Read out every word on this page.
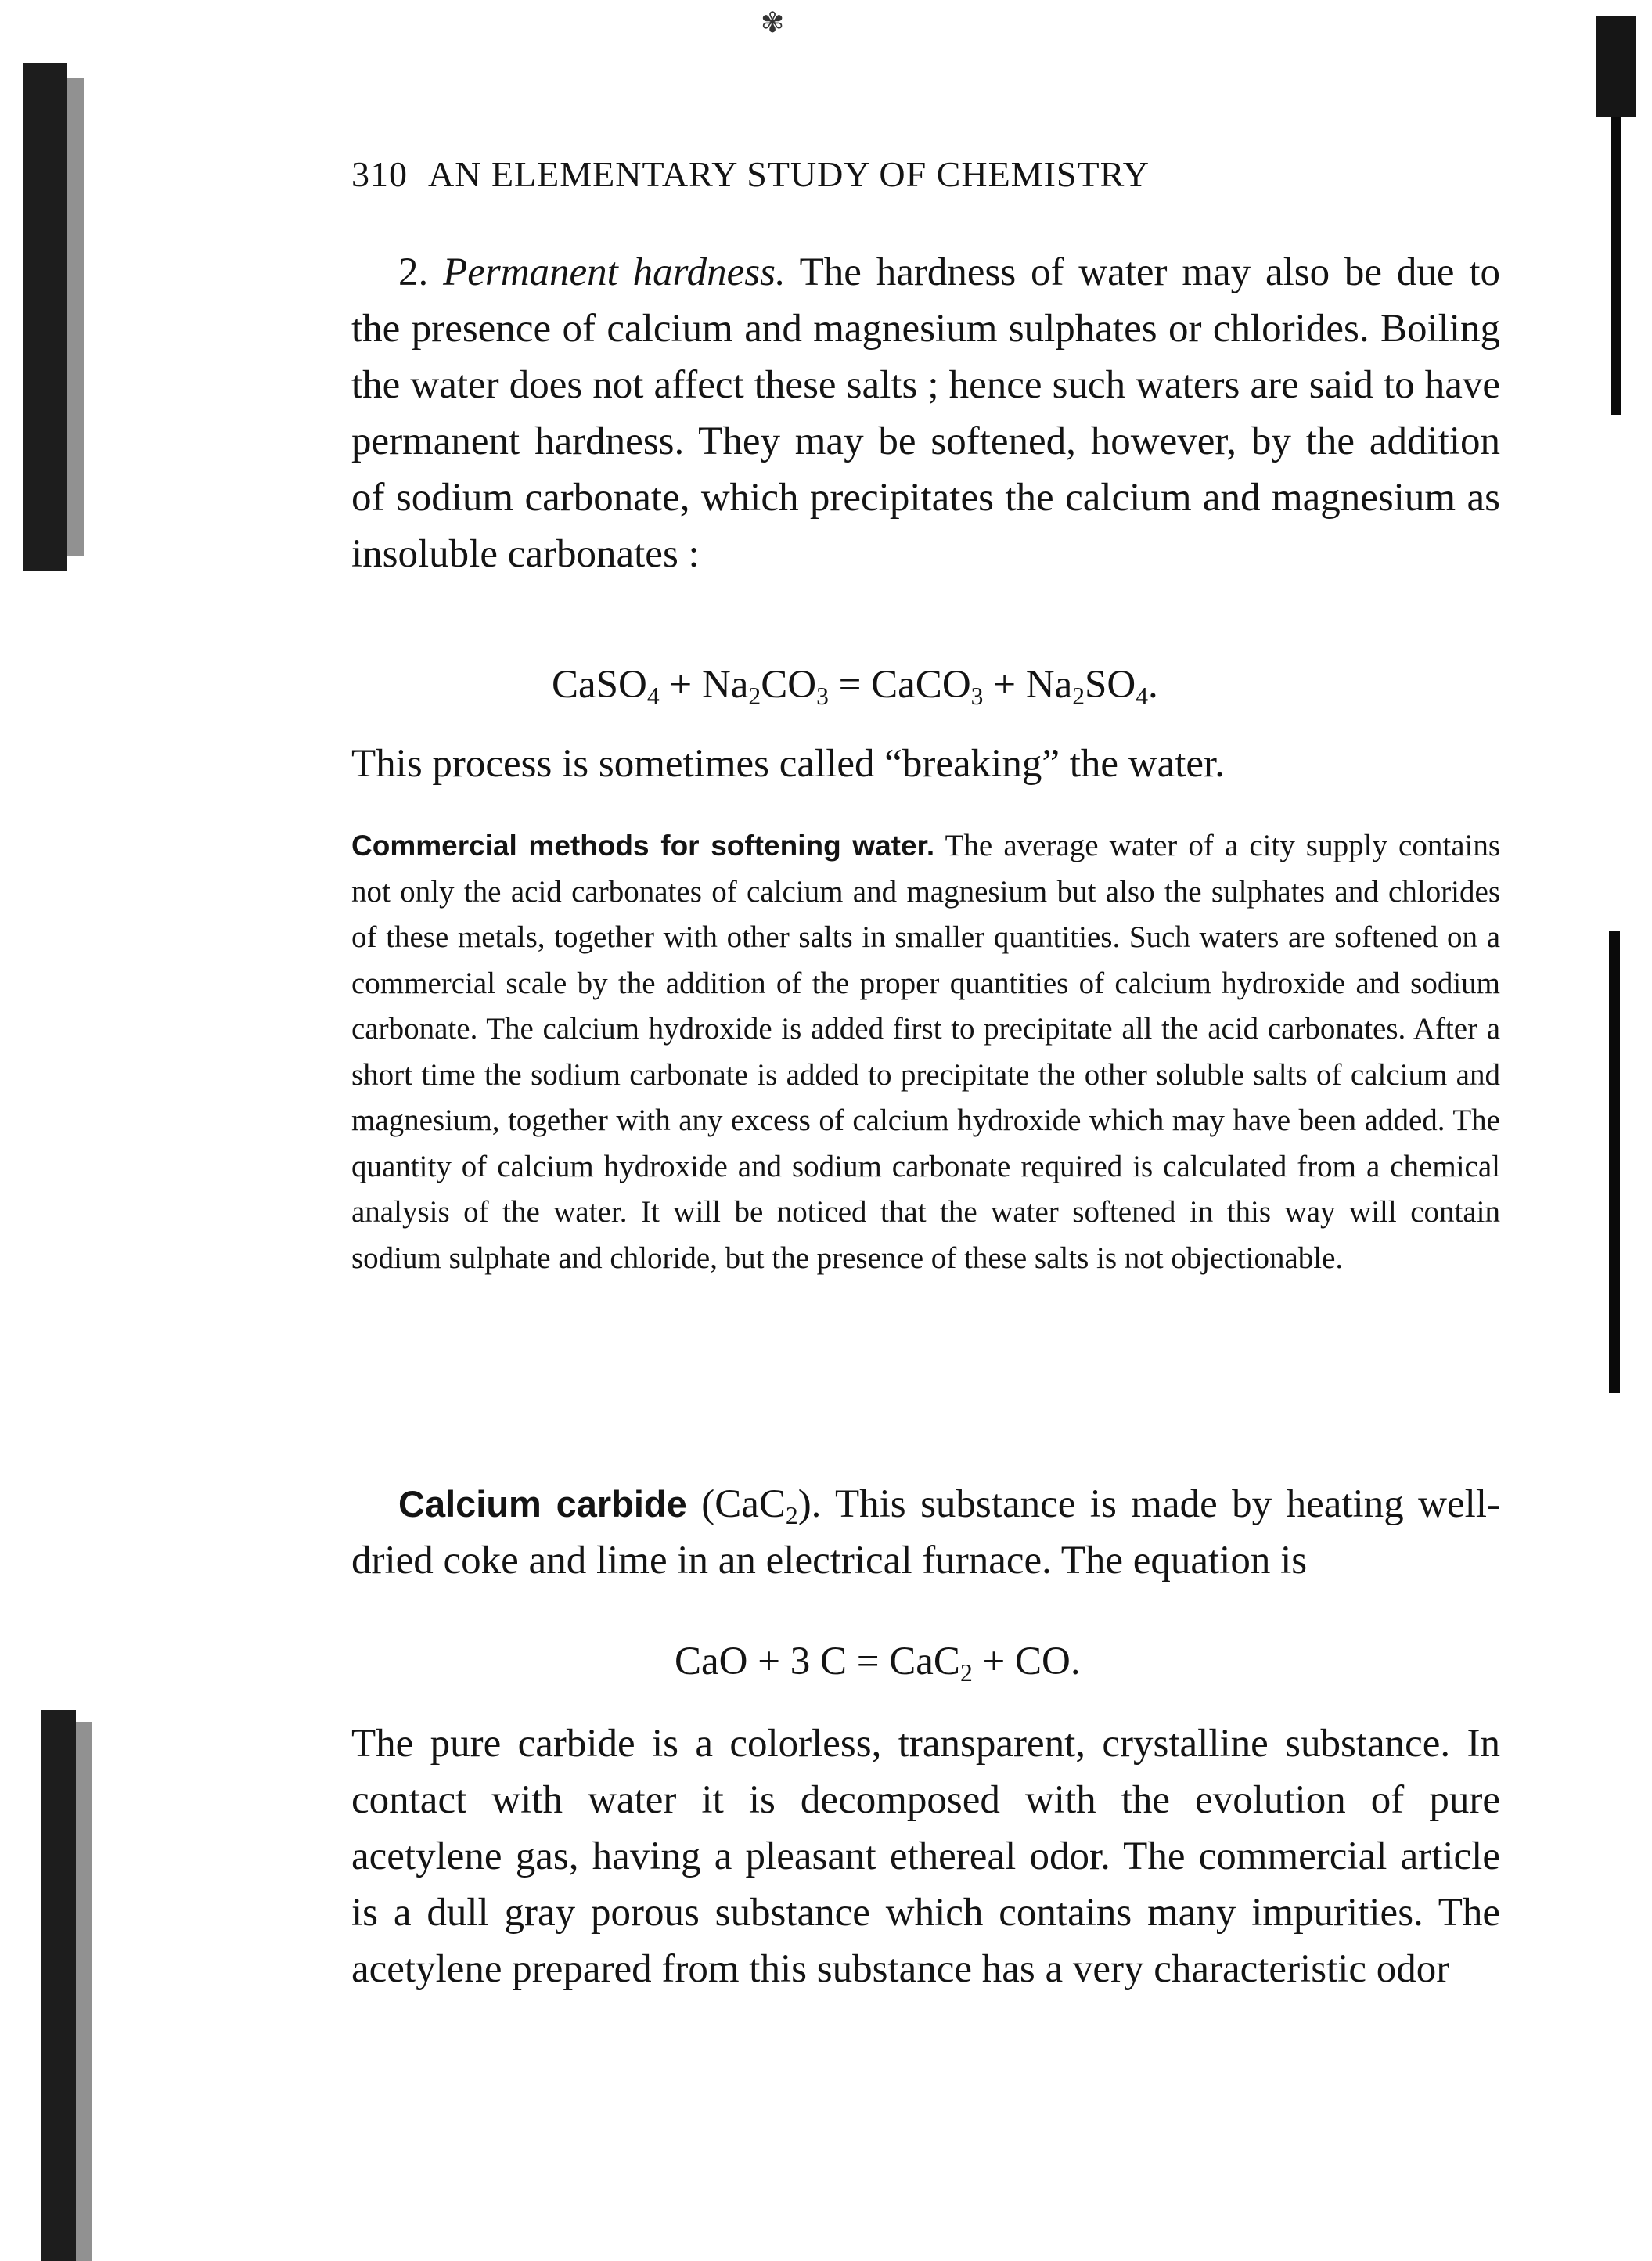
✾
310 AN ELEMENTARY STUDY OF CHEMISTRY
2. Permanent hardness. The hardness of water may also be due to the presence of calcium and magnesium sulphates or chlorides. Boiling the water does not affect these salts ; hence such waters are said to have permanent hardness. They may be softened, however, by the addition of sodium carbonate, which precipitates the calcium and magnesium as insoluble carbonates :
CaSO$_4$ + $Na_2CO_3$ = CaCO$_3$ + $Na_2SO_4$.
This process is sometimes called “breaking” the water.
Commercial methods for softening water. The average water of a city supply contains not only the acid carbonates of calcium and magnesium but also the sulphates and chlorides of these metals, together with other salts in smaller quantities. Such waters are softened on a commercial scale by the addition of the proper quantities of calcium hydroxide and sodium carbonate. The calcium hydroxide is added first to precipitate all the acid carbonates. After a short time the sodium carbonate is added to precipitate the other soluble salts of calcium and magnesium, together with any excess of calcium hydroxide which may have been added. The quantity of calcium hydroxide and sodium carbonate required is calculated from a chemical analysis of the water. It will be noticed that the water softened in this way will contain sodium sulphate and chloride, but the presence of these salts is not objectionable.
Calcium carbide (CaC$_2$). This substance is made by heating well-dried coke and lime in an electrical furnace. The equation is
CaO + 3 C = CaC$_2$ + CO.
The pure carbide is a colorless, transparent, crystalline substance. In contact with water it is decomposed with the evolution of pure acetylene gas, having a pleasant ethereal odor. The commercial article is a dull gray porous substance which contains many impurities. The acetylene prepared from this substance has a very characteristic odor
